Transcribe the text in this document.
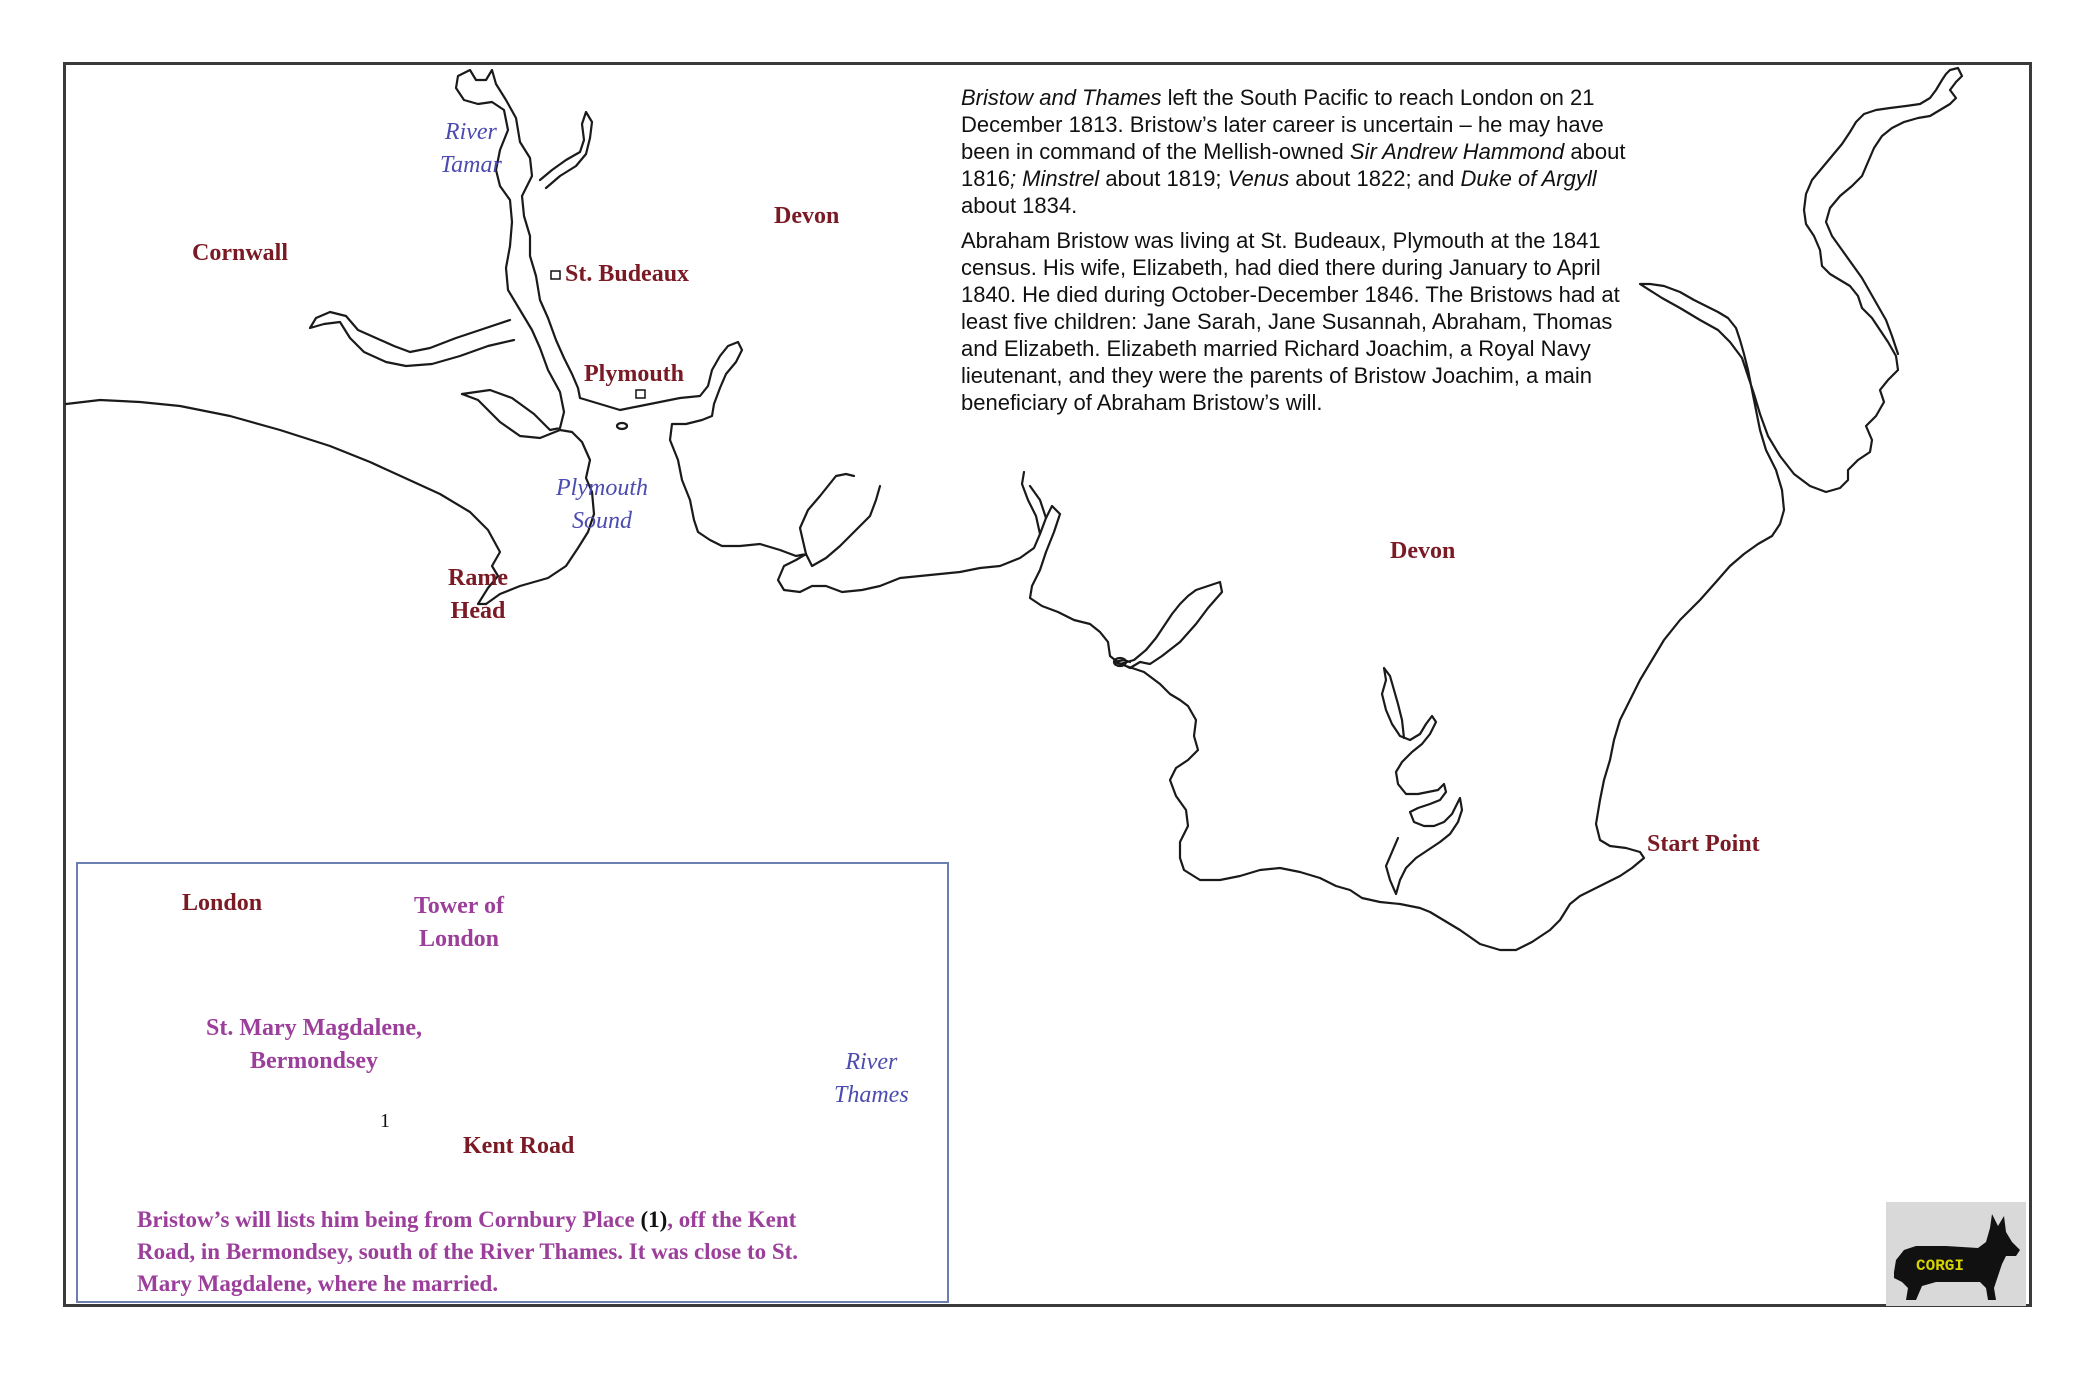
River
Tamar
Cornwall
Devon
St. Budeaux
Plymouth
Plymouth
Sound
Rame
Head
Devon
Start Point

Bristow and Thames left the South Pacific to reach London on 21 December 1813. Bristow’s later career is uncertain – he may have been in command of the Mellish-owned Sir Andrew Hammond about 1816; Minstrel about 1819; Venus about 1822; and Duke of Argyll about 1834.

Abraham Bristow was living at St. Budeaux, Plymouth at the 1841 census. His wife, Elizabeth, had died there during January to April 1840. He died during October-December 1846. The Bristows had at least five children: Jane Sarah, Jane Susannah, Abraham, Thomas and Elizabeth. Elizabeth married Richard Joachim, a Royal Navy lieutenant, and they were the parents of Bristow Joachim, a main beneficiary of Abraham Bristow’s will.

London	Tower of
London
St. Mary Magdalene,
Bermondsey	River
Thames
1
Kent Road
Bristow’s will lists him being from Cornbury Place (1), off the Kent Road, in Bermondsey, south of the River Thames. It was close to St. Mary Magdalene, where he married.
CORGI
